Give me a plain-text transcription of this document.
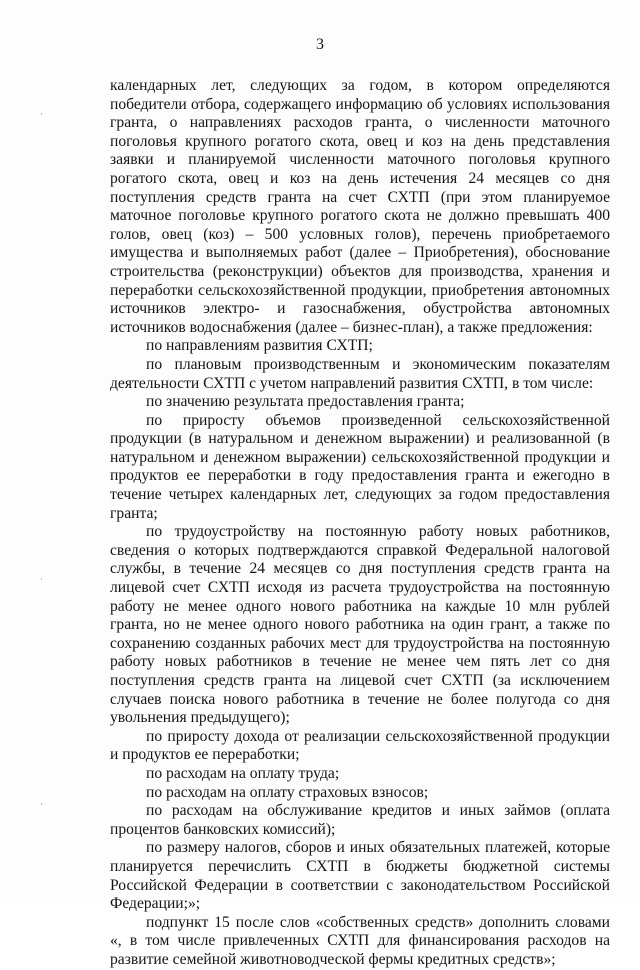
3
·
·
·

календарных лет, следующих за годом, в котором определяются победители отбора, содержащего информацию об условиях использования гранта, о направлениях расходов гранта, о численности маточного поголовья крупного рогатого скота, овец и коз на день представления заявки и планируемой численности маточного поголовья крупного рогатого скота, овец и коз на день истечения 24 месяцев со дня поступления средств гранта на счет СХТП (при этом планируемое маточное поголовье крупного рогатого скота не должно превышать 400 голов, овец (коз) – 500 условных голов), перечень приобретаемого имущества и выполняемых работ (далее – Приобретения), обоснование строительства (реконструкции) объектов для производства, хранения и переработки сельскохозяйственной продукции, приобретения автономных источников электро- и газоснабжения, обустройства автономных источников водоснабжения (далее – бизнес-план), а также предложения:

по направлениям развития СХТП;

по плановым производственным и экономическим показателям деятельности СХТП с учетом направлений развития СХТП, в том числе:

по значению результата предоставления гранта;

по приросту объемов произведенной сельскохозяйственной продукции (в натуральном и денежном выражении) и реализованной (в натуральном и денежном выражении) сельскохозяйственной продукции и продуктов ее переработки в году предоставления гранта и ежегодно в течение четырех календарных лет, следующих за годом предоставления гранта;

по трудоустройству на постоянную работу новых работников, сведения о которых подтверждаются справкой Федеральной налоговой службы, в течение 24 месяцев со дня поступления средств гранта на лицевой счет СХТП исходя из расчета трудоустройства на постоянную работу не менее одного нового работника на каждые 10 млн рублей гранта, но не менее одного нового работника на один грант, а также по сохранению созданных рабочих мест для трудоустройства на постоянную работу новых работников в течение не менее чем пять лет со дня поступления средств гранта на лицевой счет СХТП (за исключением случаев поиска нового работника в течение не более полугода со дня увольнения предыдущего);

по приросту дохода от реализации сельскохозяйственной продукции и продуктов ее переработки;

по расходам на оплату труда;

по расходам на оплату страховых взносов;

по расходам на обслуживание кредитов и иных займов (оплата процентов банковских комиссий);

по размеру налогов, сборов и иных обязательных платежей, которые планируется перечислить СХТП в бюджеты бюджетной системы Российской Федерации в соответствии с законодательством Российской Федерации;»;

подпункт 15 после слов «собственных средств» дополнить словами «, в том числе привлеченных СХТП для финансирования расходов на развитие семейной животноводческой фермы кредитных средств»;
